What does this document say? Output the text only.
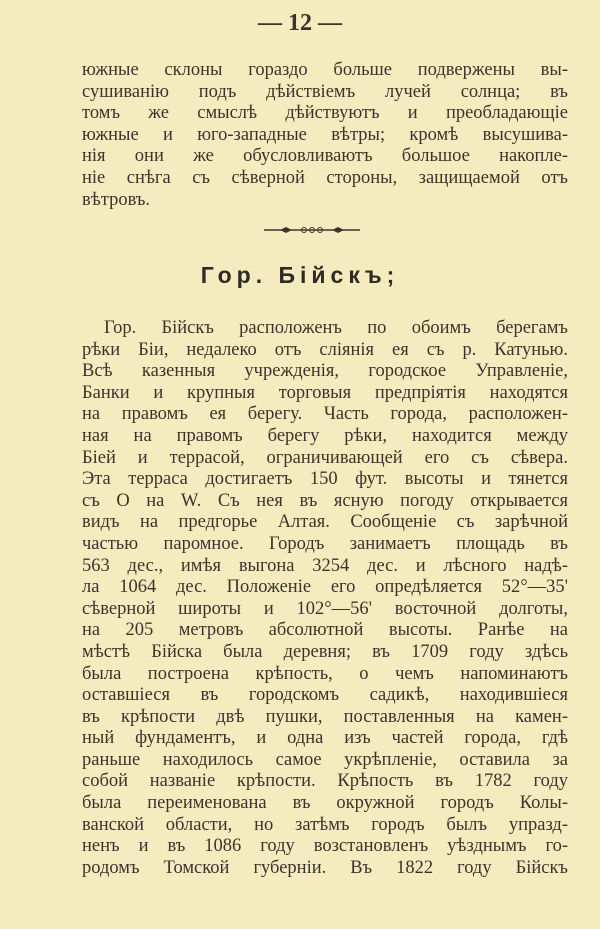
— 12 —
южные склоны гораздо больше подвержены вы-
сушиванію подъ дѣйствіемъ лучей солнца; въ
томъ же смыслѣ дѣйствуютъ и преобладающіе
южные и юго-западные вѣтры; кромѣ высушива-
нія они же обусловливаютъ большое накопле-
ніе снѣга съ сѣверной стороны, защищаемой отъ
вѣтровъ.
Гор. Бійскъ;
Гор. Бійскъ расположенъ по обоимъ берегамъ
рѣки Біи, недалеко отъ сліянія ея съ р. Катунью.
Всѣ казенныя учрежденія, городское Управленіе,
Банки и крупныя торговыя предпріятія находятся
на правомъ ея берегу. Часть города, расположен-
ная на правомъ берегу рѣки, находится между
Біей и террасой, ограничивающей его съ сѣвера.
Эта терраса достигаетъ 150 фут. высоты и тянется
съ О на W. Съ нея въ ясную погоду открывается
видъ на предгорье Алтая. Сообщеніе съ зарѣчной
частью паромное. Городъ занимаетъ площадь въ
563 дес., имѣя выгона 3254 дес. и лѣсного надѣ-
ла 1064 дес. Положеніе его опредѣляется 52°—35'
сѣверной широты и 102°—56' восточной долготы,
на 205 метровъ абсолютной высоты. Ранѣе на
мѣстѣ Бійска была деревня; въ 1709 году здѣсь
была построена крѣпость, о чемъ напоминаютъ
оставшіеся въ городскомъ садикѣ, находившіеся
въ крѣпости двѣ пушки, поставленныя на камен-
ный фундаментъ, и одна изъ частей города, гдѣ
раньше находилось самое укрѣпленіе, оставила за
собой названіе крѣпости. Крѣпость въ 1782 году
была переименована въ окружной городъ Колы-
ванской области, но затѣмъ городъ былъ упразд-
ненъ и въ 1086 году возстановленъ уѣзднымъ го-
родомъ Томской губерніи. Въ 1822 году Бійскъ
